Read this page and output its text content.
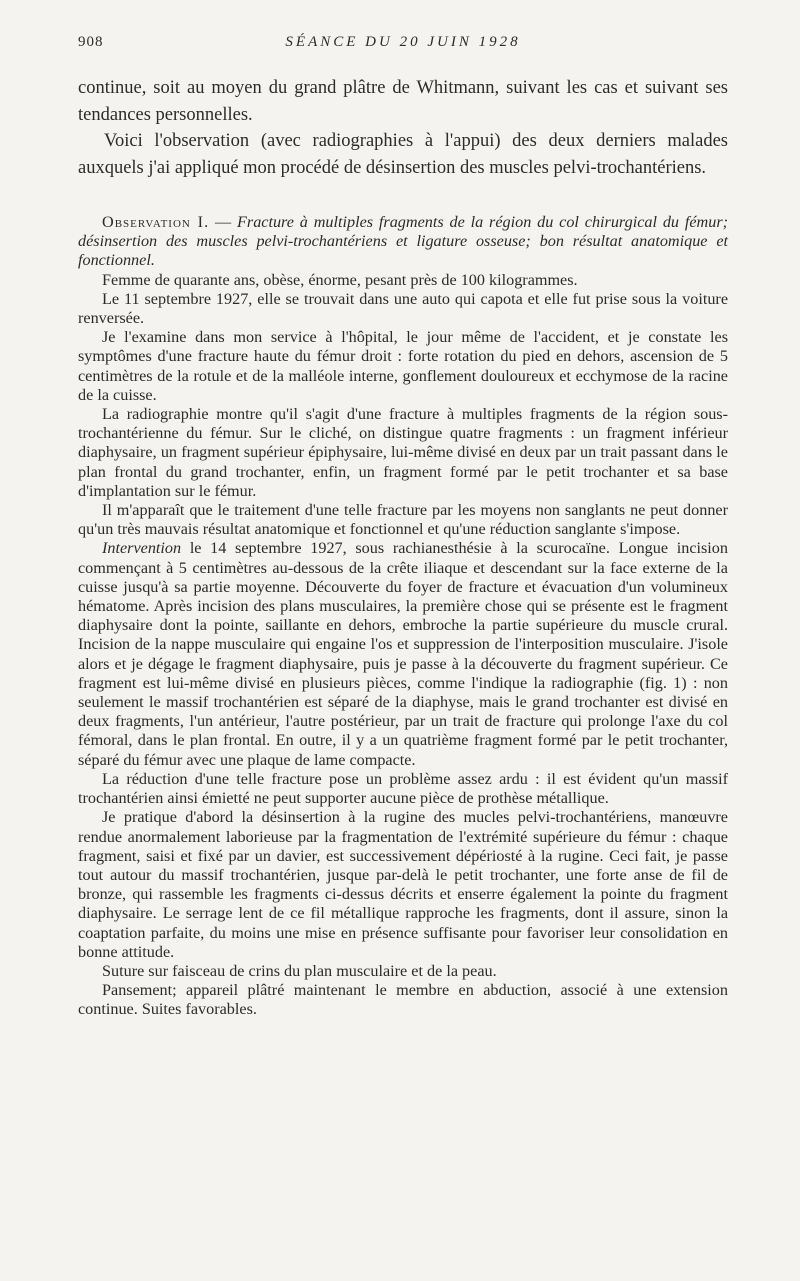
908	SÉANCE DU 20 JUIN 1928

continue, soit au moyen du grand plâtre de Whitmann, suivant les cas et suivant ses tendances personnelles.

Voici l'observation (avec radiographies à l'appui) des deux derniers malades auxquels j'ai appliqué mon procédé de désinsertion des muscles pelvi-trochantériens.

Observation I. — Fracture à multiples fragments de la région du col chirurgical du fémur; désinsertion des muscles pelvi-trochantériens et ligature osseuse; bon résultat anatomique et fonctionnel.

Femme de quarante ans, obèse, énorme, pesant près de 100 kilogrammes.

Le 11 septembre 1927, elle se trouvait dans une auto qui capota et elle fut prise sous la voiture renversée.

Je l'examine dans mon service à l'hôpital, le jour même de l'accident, et je constate les symptômes d'une fracture haute du fémur droit : forte rotation du pied en dehors, ascension de 5 centimètres de la rotule et de la malléole interne, gonflement douloureux et ecchymose de la racine de la cuisse.

La radiographie montre qu'il s'agit d'une fracture à multiples fragments de la région sous-trochantérienne du fémur. Sur le cliché, on distingue quatre fragments : un fragment inférieur diaphysaire, un fragment supérieur épiphysaire, lui-même divisé en deux par un trait passant dans le plan frontal du grand trochanter, enfin, un fragment formé par le petit trochanter et sa base d'implantation sur le fémur.

Il m'apparaît que le traitement d'une telle fracture par les moyens non sanglants ne peut donner qu'un très mauvais résultat anatomique et fonctionnel et qu'une réduction sanglante s'impose.

Intervention le 14 septembre 1927, sous rachianesthésie à la scurocaïne. Longue incision commençant à 5 centimètres au-dessous de la crête iliaque et descendant sur la face externe de la cuisse jusqu'à sa partie moyenne. Découverte du foyer de fracture et évacuation d'un volumineux hématome. Après incision des plans musculaires, la première chose qui se présente est le fragment diaphysaire dont la pointe, saillante en dehors, embroche la partie supérieure du muscle crural. Incision de la nappe musculaire qui engaine l'os et suppression de l'interposition musculaire. J'isole alors et je dégage le fragment diaphysaire, puis je passe à la découverte du fragment supérieur. Ce fragment est lui-même divisé en plusieurs pièces, comme l'indique la radiographie (fig. 1) : non seulement le massif trochantérien est séparé de la diaphyse, mais le grand trochanter est divisé en deux fragments, l'un antérieur, l'autre postérieur, par un trait de fracture qui prolonge l'axe du col fémoral, dans le plan frontal. En outre, il y a un quatrième fragment formé par le petit trochanter, séparé du fémur avec une plaque de lame compacte.

La réduction d'une telle fracture pose un problème assez ardu : il est évident qu'un massif trochantérien ainsi émietté ne peut supporter aucune pièce de prothèse métallique.

Je pratique d'abord la désinsertion à la rugine des mucles pelvi-trochantériens, manœuvre rendue anormalement laborieuse par la fragmentation de l'extrémité supérieure du fémur : chaque fragment, saisi et fixé par un davier, est successivement dépériosté à la rugine. Ceci fait, je passe tout autour du massif trochantérien, jusque par-delà le petit trochanter, une forte anse de fil de bronze, qui rassemble les fragments ci-dessus décrits et enserre également la pointe du fragment diaphysaire. Le serrage lent de ce fil métallique rapproche les fragments, dont il assure, sinon la coaptation parfaite, du moins une mise en présence suffisante pour favoriser leur consolidation en bonne attitude.

Suture sur faisceau de crins du plan musculaire et de la peau.

Pansement; appareil plâtré maintenant le membre en abduction, associé à une extension continue. Suites favorables.
